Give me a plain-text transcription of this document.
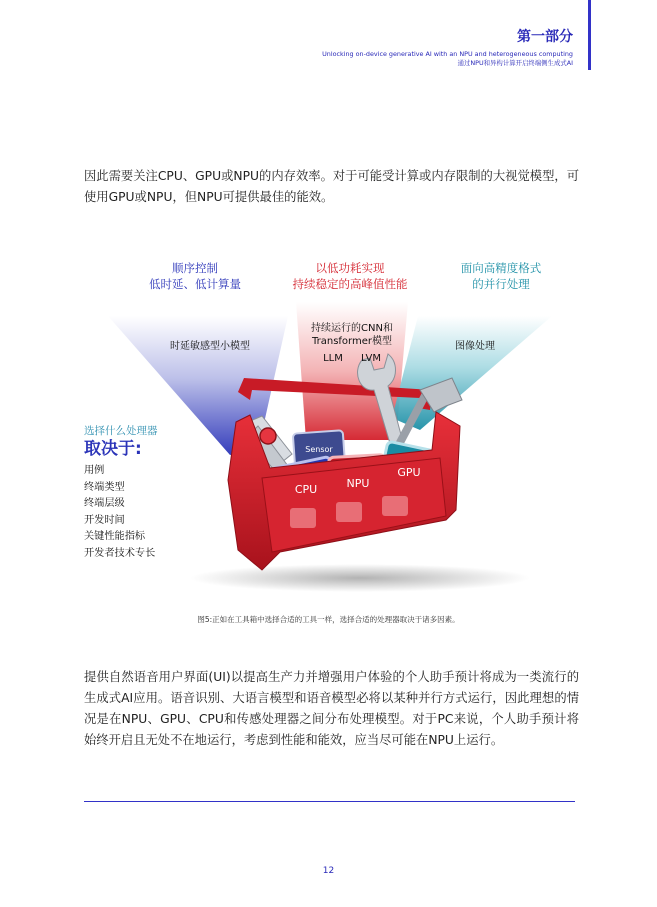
第一部分
Unlocking on-device generative AI with an NPU and heterogeneous computing
通过NPU和异构计算开启终端侧生成式AI
因此需要关注CPU、GPU或NPU的内存效率。对于可能受计算或内存限制的大视觉模型，可使用GPU或NPU，但NPU可提供最佳的能效。
顺序控制
低时延、低计算量
以低功耗实现
持续稳定的高峰值性能
面向高精度格式
的并行处理
时延敏感型小模型
持续运行的CNN和
Transformer模型
LLM	LVM
图像处理
Sensor
CPU	NPU
GPU
选择什么处理器
取决于:
用例
终端类型
终端层级
开发时间
关键性能指标
开发者技术专长
图5:正如在工具箱中选择合适的工具一样，选择合适的处理器取决于诸多因素。
提供自然语音用户界面(UI)以提高生产力并增强用户体验的个人助手预计将成为一类流行的生成式AI应用。语音识别、大语言模型和语音模型必将以某种并行方式运行，因此理想的情况是在NPU、GPU、CPU和传感处理器之间分布处理模型。对于PC来说，个人助手预计将始终开启且无处不在地运行，考虑到性能和能效，应当尽可能在NPU上运行。
12
